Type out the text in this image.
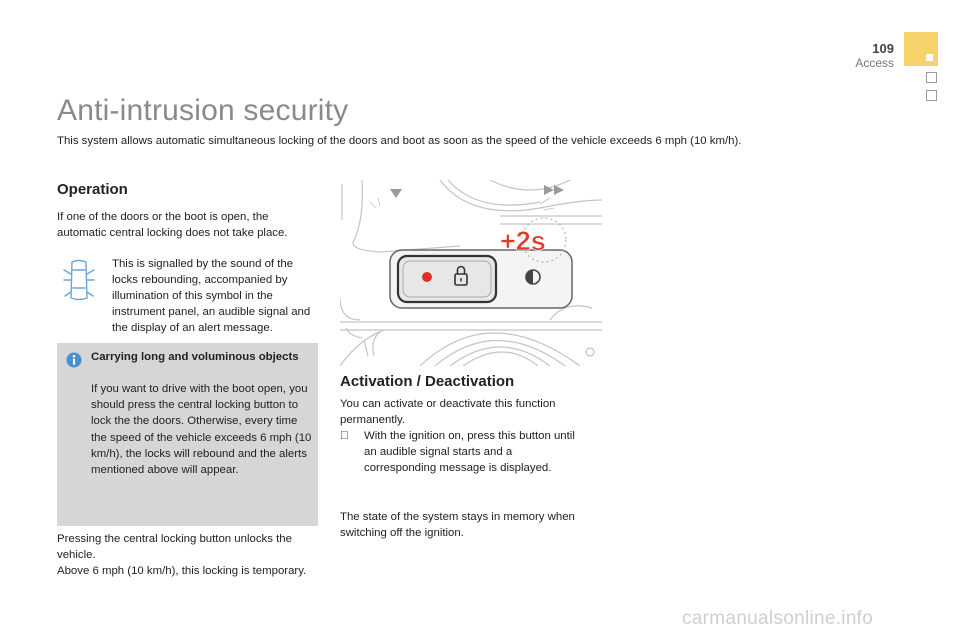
109
Access
Anti-intrusion security
This system allows automatic simultaneous locking of the doors and boot as soon as the speed of the vehicle exceeds 6 mph (10 km/h).
Operation
If one of the doors or the boot is open, the automatic central locking does not take place.
This is signalled by the sound of the locks rebounding, accompanied by illumination of this symbol in the instrument panel, an audible signal and the display of an alert message.
Carrying long and voluminous objects
If you want to drive with the boot open, you should press the central locking button to lock the the doors. Otherwise, every time the speed of the vehicle exceeds 6 mph (10 km/h), the locks will rebound and the alerts mentioned above will appear.
Pressing the central locking button unlocks the vehicle.
Above 6 mph (10 km/h), this locking is temporary.
+2s
Activation / Deactivation
You can activate or deactivate this function permanently.
With the ignition on, press this button until an audible signal starts and a corresponding message is displayed.
The state of the system stays in memory when switching off the ignition.
carmanualsonline.info
